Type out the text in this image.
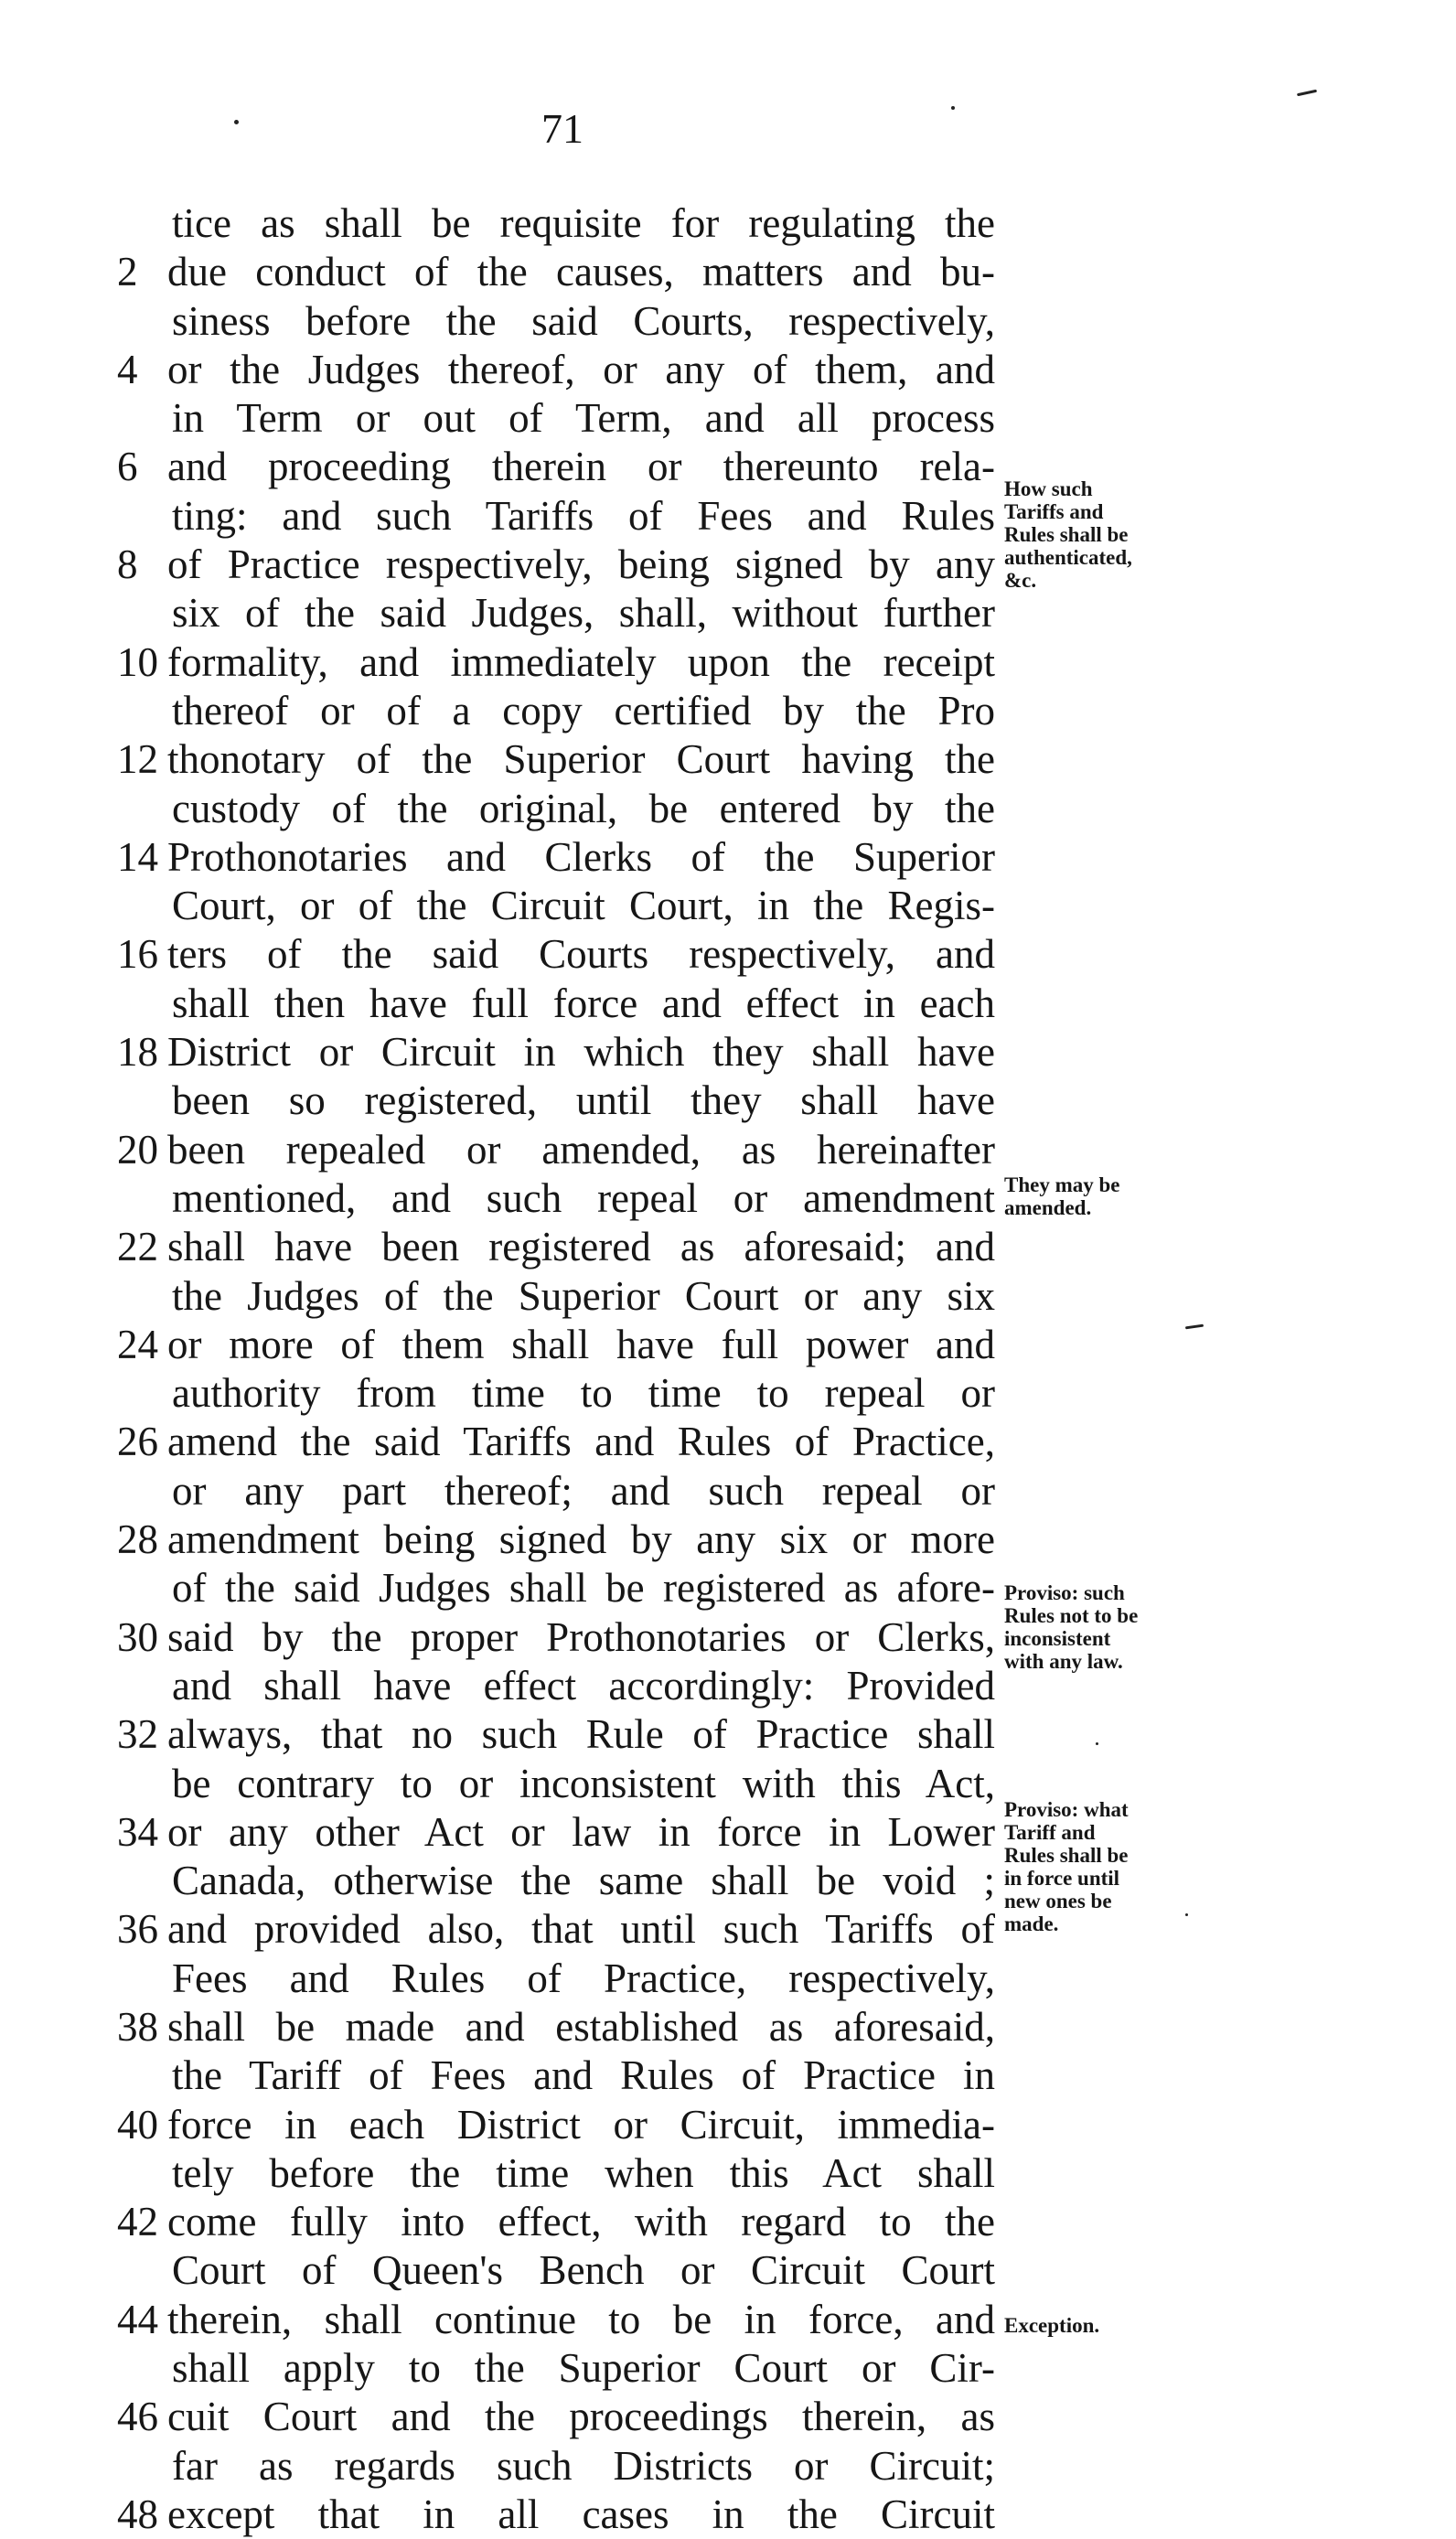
71
tice as shall be requisite for regulating the
2 due conduct of the causes, matters and bu-
siness before the said Courts, respectively,
4 or the Judges thereof, or any of them, and
in Term or out of Term, and all process
6 and proceeding therein or thereunto rela-
ting: and such Tariffs of Fees and Rules
8 of Practice respectively, being signed by any
six of the said Judges, shall, without further
10 formality, and immediately upon the receipt
thereof or of a copy certified by the Pro
12 thonotary of the Superior Court having the
custody of the original, be entered by the
14 Prothonotaries and Clerks of the Superior
Court, or of the Circuit Court, in the Regis-
16 ters of the said Courts respectively, and
shall then have full force and effect in each
18 District or Circuit in which they shall have
been so registered, until they shall have
20 been repealed or amended, as hereinafter
mentioned, and such repeal or amendment
22 shall have been registered as aforesaid; and
the Judges of the Superior Court or any six
24 or more of them shall have full power and
authority from time to time to repeal or
26 amend the said Tariffs and Rules of Practice,
or any part thereof; and such repeal or
28 amendment being signed by any six or more
of the said Judges shall be registered as afore-
30 said by the proper Prothonotaries or Clerks,
and shall have effect accordingly: Provided
32 always, that no such Rule of Practice shall
be contrary to or inconsistent with this Act,
34 or any other Act or law in force in Lower
Canada, otherwise the same shall be void ;
36 and provided also, that until such Tariffs of
Fees and Rules of Practice, respectively,
38 shall be made and established as aforesaid,
the Tariff of Fees and Rules of Practice in
40 force in each District or Circuit, immedia-
tely before the time when this Act shall
42 come fully into effect, with regard to the
Court of Queen's Bench or Circuit Court
44 therein, shall continue to be in force, and
shall apply to the Superior Court or Cir-
46 cuit Court and the proceedings therein, as
far as regards such Districts or Circuit;
48 except that in all cases in the Circuit
How such
Tariffs and
Rules shall be
authenticated,
&c.
They may be
amended.
Proviso: such
Rules not to be
inconsistent
with any law.
Proviso: what
Tariff and
Rules shall be
in force until
new ones be
made.
Exception.
